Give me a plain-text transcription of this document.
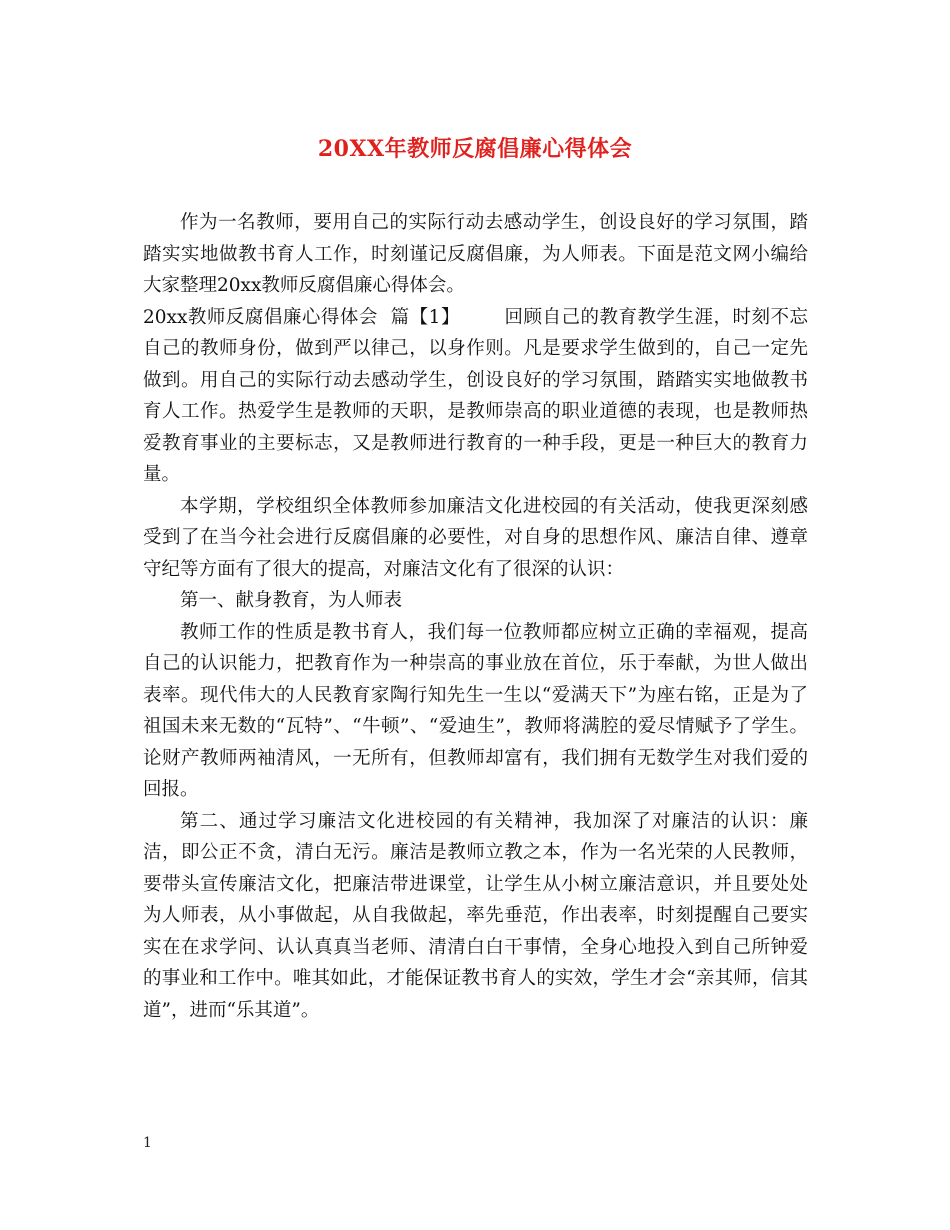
20XX年教师反腐倡廉心得体会

作为一名教师，要用自己的实际行动去感动学生，创设良好的学习氛围，踏踏实实地做教书育人工作，时刻谨记反腐倡廉，为人师表。下面是范文网小编给大家整理20xx教师反腐倡廉心得体会。

20xx教师反腐倡廉心得体会  篇【1】 回顾自己的教育教学生涯，时刻不忘自己的教师身份，做到严以律己，以身作则。凡是要求学生做到的，自己一定先做到。用自己的实际行动去感动学生，创设良好的学习氛围，踏踏实实地做教书育人工作。热爱学生是教师的天职，是教师崇高的职业道德的表现，也是教师热爱教育事业的主要标志，又是教师进行教育的一种手段，更是一种巨大的教育力量。

本学期，学校组织全体教师参加廉洁文化进校园的有关活动，使我更深刻感受到了在当今社会进行反腐倡廉的必要性，对自身的思想作风、廉洁自律、遵章守纪等方面有了很大的提高，对廉洁文化有了很深的认识：

第一、献身教育，为人师表

教师工作的性质是教书育人，我们每一位教师都应树立正确的幸福观，提高自己的认识能力，把教育作为一种崇高的事业放在首位，乐于奉献，为世人做出表率。现代伟大的人民教育家陶行知先生一生以“爱满天下”为座右铭，正是为了祖国未来无数的“瓦特”、“牛顿”、“爱迪生”，教师将满腔的爱尽情赋予了学生。论财产教师两袖清风，一无所有，但教师却富有，我们拥有无数学生对我们爱的回报。

第二、通过学习廉洁文化进校园的有关精神，我加深了对廉洁的认识：廉洁，即公正不贪，清白无污。廉洁是教师立教之本，作为一名光荣的人民教师，要带头宣传廉洁文化，把廉洁带进课堂，让学生从小树立廉洁意识，并且要处处为人师表，从小事做起，从自我做起，率先垂范，作出表率，时刻提醒自己要实实在在求学问、认认真真当老师、清清白白干事情，全身心地投入到自己所钟爱的事业和工作中。唯其如此，才能保证教书育人的实效，学生才会“亲其师，信其道”，进而“乐其道”。

1
